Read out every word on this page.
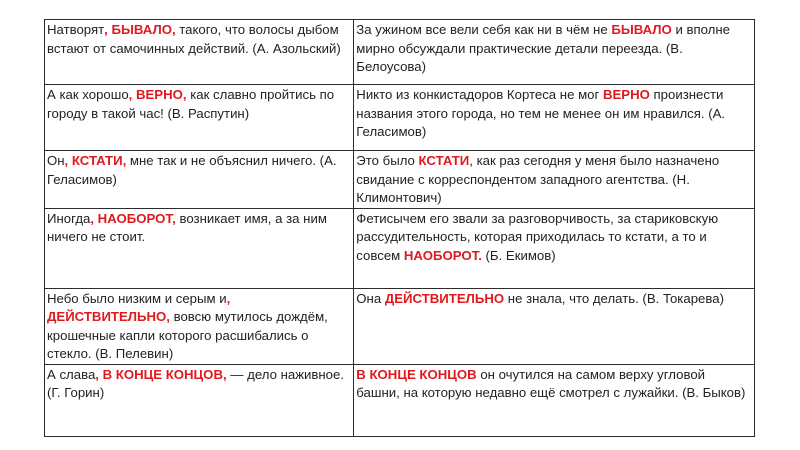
Натворят, БЫВАЛО, такого, что волосы дыбом встают от самочинных действий. (А. Азольский)	За ужином все вели себя как ни в чём не БЫВАЛО и вполне мирно обсуждали практические детали переезда. (В. Белоусова)
А как хорошо, ВЕРНО, как славно пройтись по городу в такой час! (В. Распутин)	Никто из конкистадоров Кортеса не мог ВЕРНО произнести названия этого города, но тем не менее он им нравился. (А. Геласимов)
Он, КСТАТИ, мне так и не объяснил ничего. (А. Геласимов)	Это было КСТАТИ, как раз сегодня у меня было назначено свидание с корреспондентом западного агентства. (Н. Климонтович)
Иногда, НАОБОРОТ, возникает имя, а за ним ничего не стоит.	Фетисычем его звали за разговорчивость, за стариковскую рассудительность, которая приходилась то кстати, а то и совсем НАОБОРОТ. (Б. Екимов)
Небо было низким и серым и, ДЕЙСТВИТЕЛЬНО, вовсю мутилось дождём, крошечные капли которого расшибались о стекло. (В. Пелевин)	Она ДЕЙСТВИТЕЛЬНО не знала, что делать. (В. Токарева)
А слава, В КОНЦЕ КОНЦОВ, — дело наживное. (Г. Горин)	В КОНЦЕ КОНЦОВ он очутился на самом верху угловой башни, на которую недавно ещё смотрел с лужайки. (В. Быков)
